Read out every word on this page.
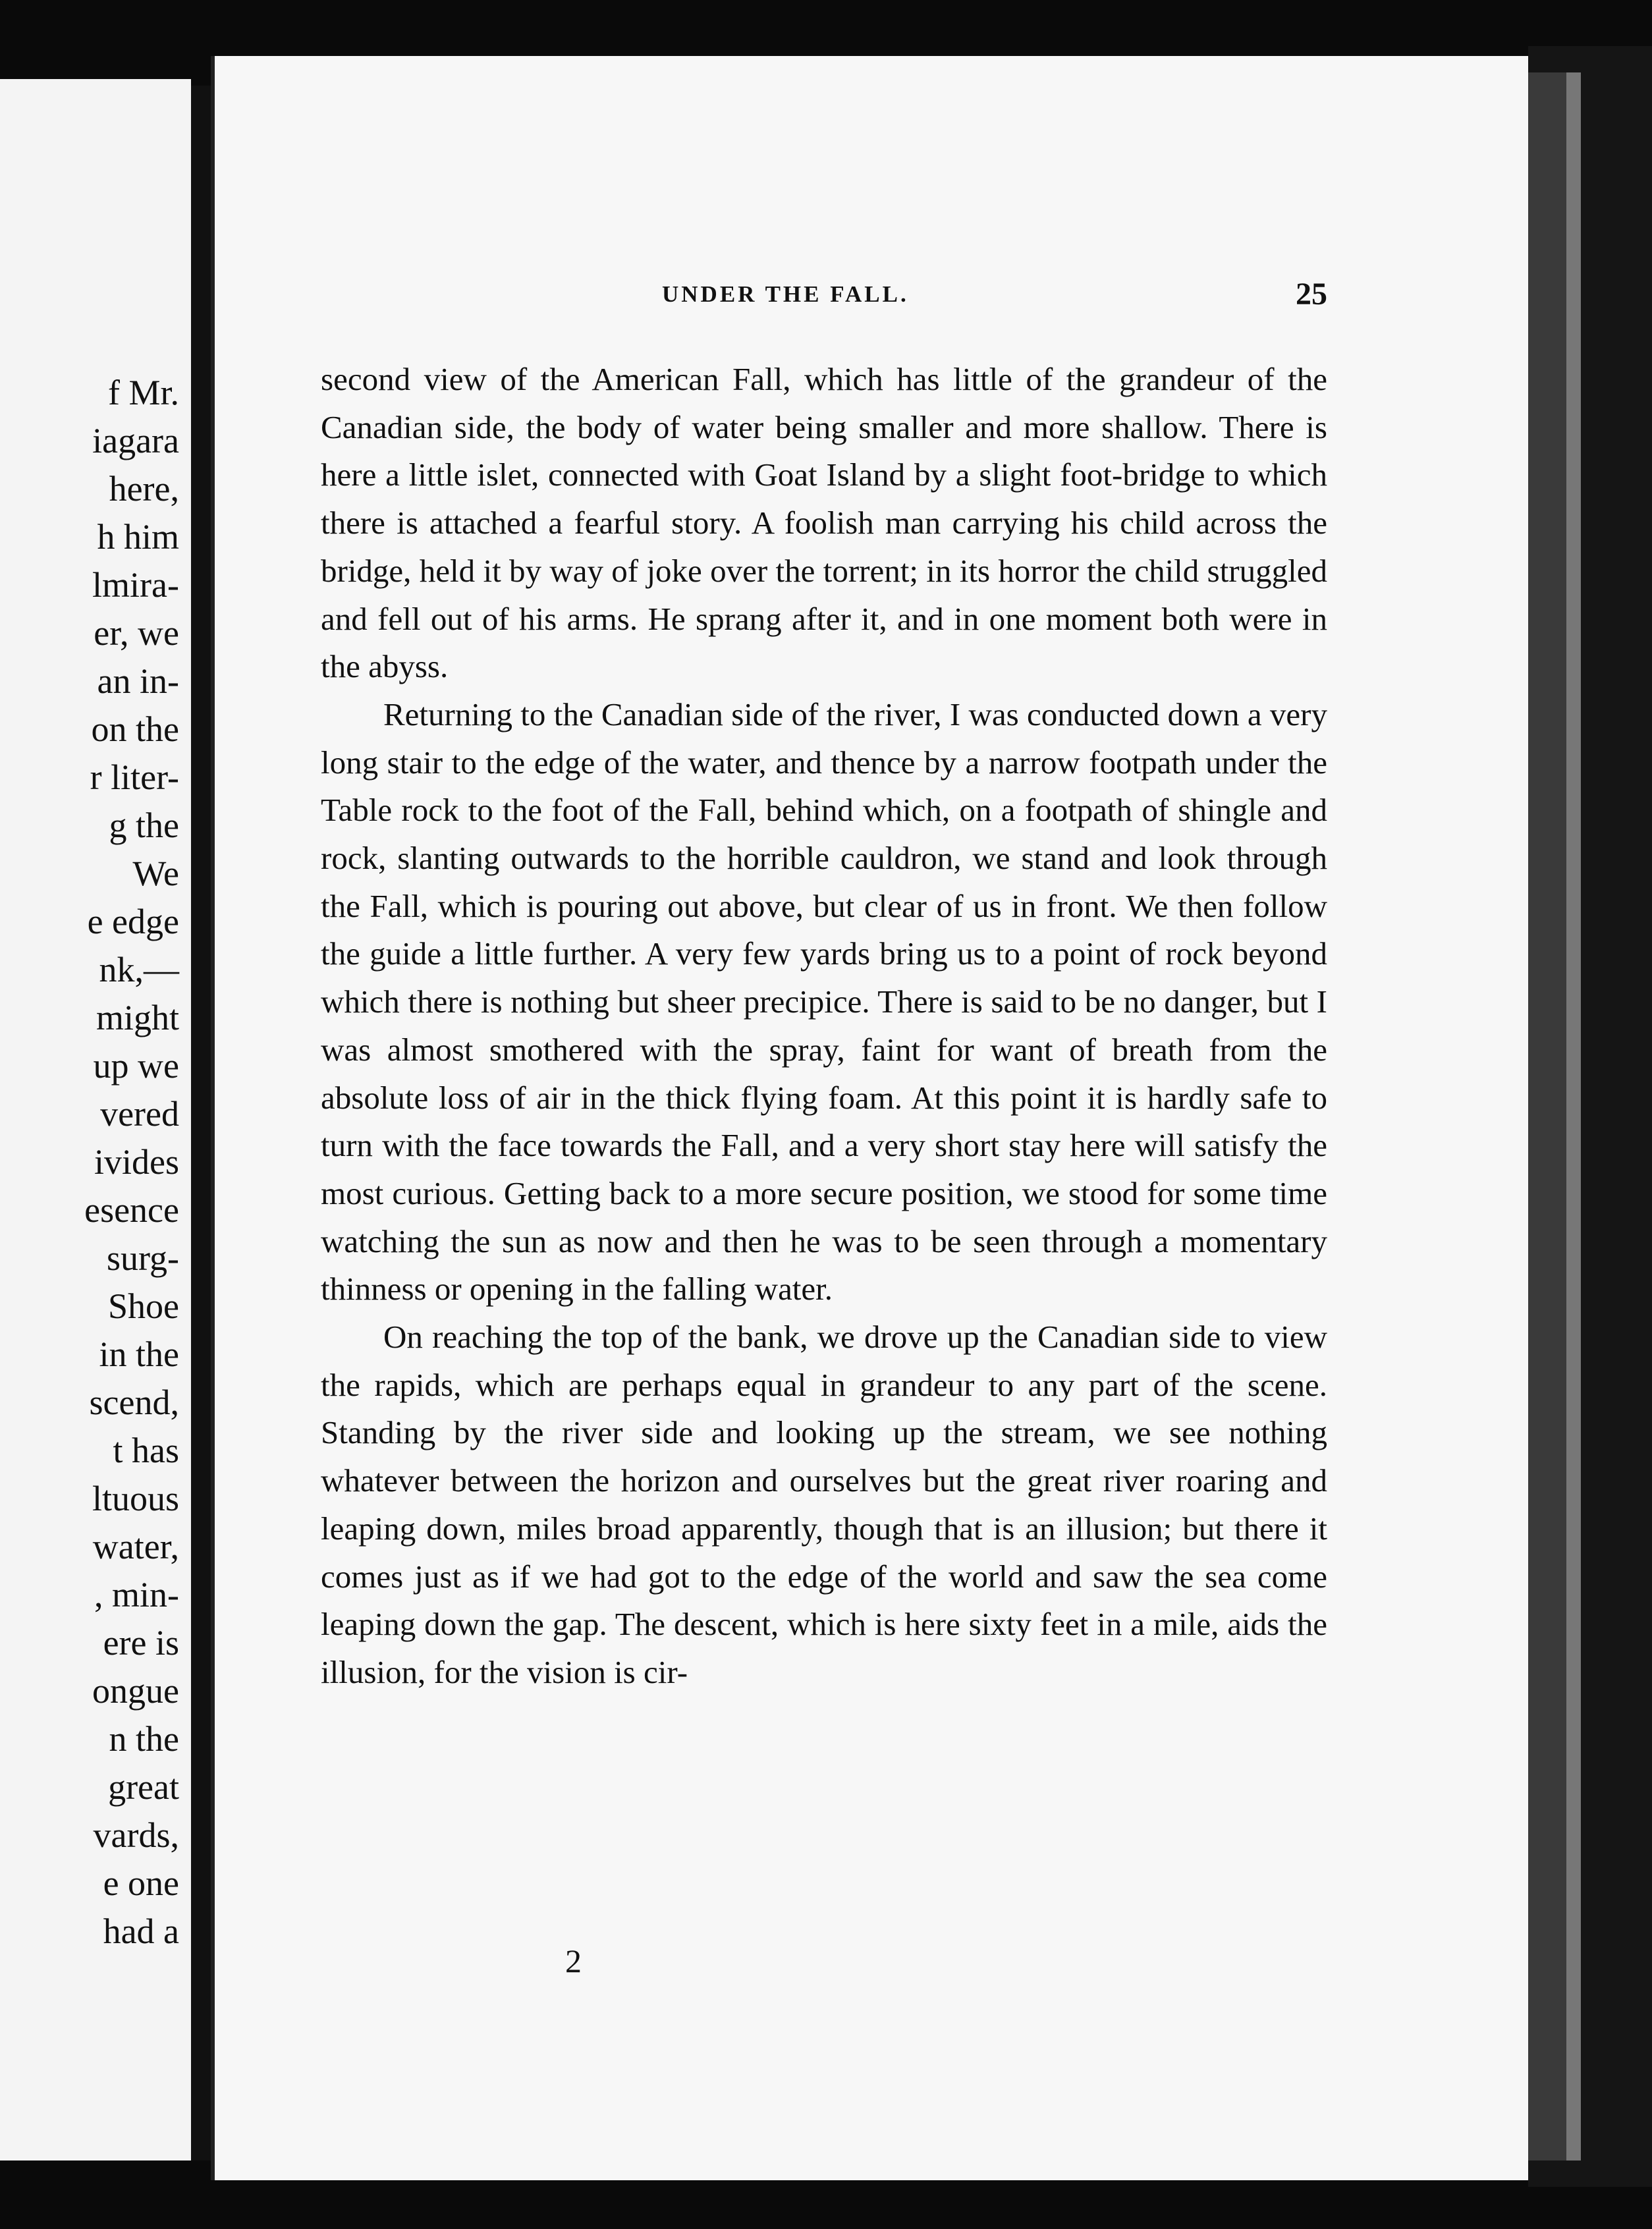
f Mr.
iagara
here,
h him
lmira-
er, we
an in-
on the
r liter-
g the
We
e edge
nk,—
might
up we
vered
ivides
esence
surg-
Shoe
in the
scend,
t has
ltuous
water,
, min-
ere is
ongue
n the
great
vards,
e one
had a
UNDER THE FALL.	25

second view of the American Fall, which has little of the grandeur of the Canadian side, the body of water being smaller and more shallow. There is here a little islet, connected with Goat Island by a slight foot-bridge to which there is attached a fearful story. A foolish man carrying his child across the bridge, held it by way of joke over the torrent; in its horror the child struggled and fell out of his arms. He sprang after it, and in one moment both were in the abyss.

Returning to the Canadian side of the river, I was conducted down a very long stair to the edge of the water, and thence by a narrow footpath under the Table rock to the foot of the Fall, behind which, on a footpath of shingle and rock, slanting outwards to the horrible cauldron, we stand and look through the Fall, which is pouring out above, but clear of us in front. We then follow the guide a little further. A very few yards bring us to a point of rock beyond which there is nothing but sheer precipice. There is said to be no danger, but I was almost smothered with the spray, faint for want of breath from the absolute loss of air in the thick flying foam. At this point it is hardly safe to turn with the face towards the Fall, and a very short stay here will satisfy the most curious. Getting back to a more secure position, we stood for some time watching the sun as now and then he was to be seen through a momentary thinness or opening in the falling water.

On reaching the top of the bank, we drove up the Canadian side to view the rapids, which are perhaps equal in grandeur to any part of the scene. Standing by the river side and looking up the stream, we see nothing whatever between the horizon and ourselves but the great river roaring and leaping down, miles broad apparently, though that is an illusion; but there it comes just as if we had got to the edge of the world and saw the sea come leaping down the gap. The descent, which is here sixty feet in a mile, aids the illusion, for the vision is cir-

2
